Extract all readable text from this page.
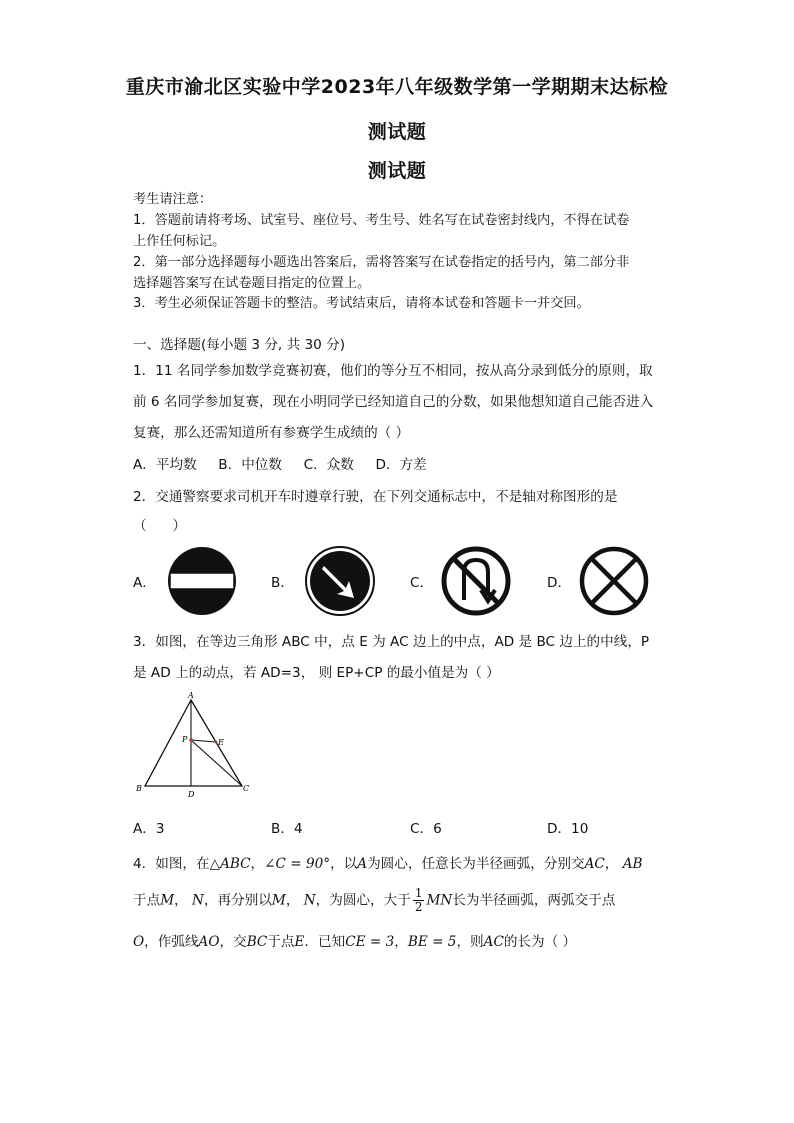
重庆市渝北区实验中学2023年八年级数学第一学期期末达标检
测试题
测试题
考生请注意：
1．答题前请将考场、试室号、座位号、考生号、姓名写在试卷密封线内，不得在试卷
上作任何标记。
2．第一部分选择题每小题选出答案后，需将答案写在试卷指定的括号内，第二部分非
选择题答案写在试卷题目指定的位置上。
3．考生必须保证答题卡的整洁。考试结束后，请将本试卷和答题卡一并交回。
一、选择题(每小题 3 分, 共 30 分)
1．11 名同学参加数学竞赛初赛，他们的等分互不相同，按从高分录到低分的原则，取
前 6 名同学参加复赛，现在小明同学已经知道自己的分数，如果他想知道自己能否进入
复赛，那么还需知道所有参赛学生成绩的（ ）
A．平均数     B．中位数     C．众数     D．方差
2．交通警察要求司机开车时遵章行驶，在下列交通标志中，不是轴对称图形的是
（      ）
A．	B．	C．	D．
3．如图，在等边三角形 ABC 中，点 E 为 AC 边上的中点，AD 是 BC 边上的中线，P
是 AD 上的动点，若 AD=3， 则 EP+CP 的最小值是为（ ）
A
B	C
D
E
P
A．3	B．4	C．6	D．10
4．如图，在△ABC，∠C = 90°，以A为圆心，任意长为半径画弧，分别交AC， AB
于点M， N，再分别以M， N，为圆心，大于 $\frac{1}{2}$ MN长为半径画弧，两弧交于点
O，作弧线AO，交BC于点E．已知CE = 3，BE = 5，则AC的长为（ ）
